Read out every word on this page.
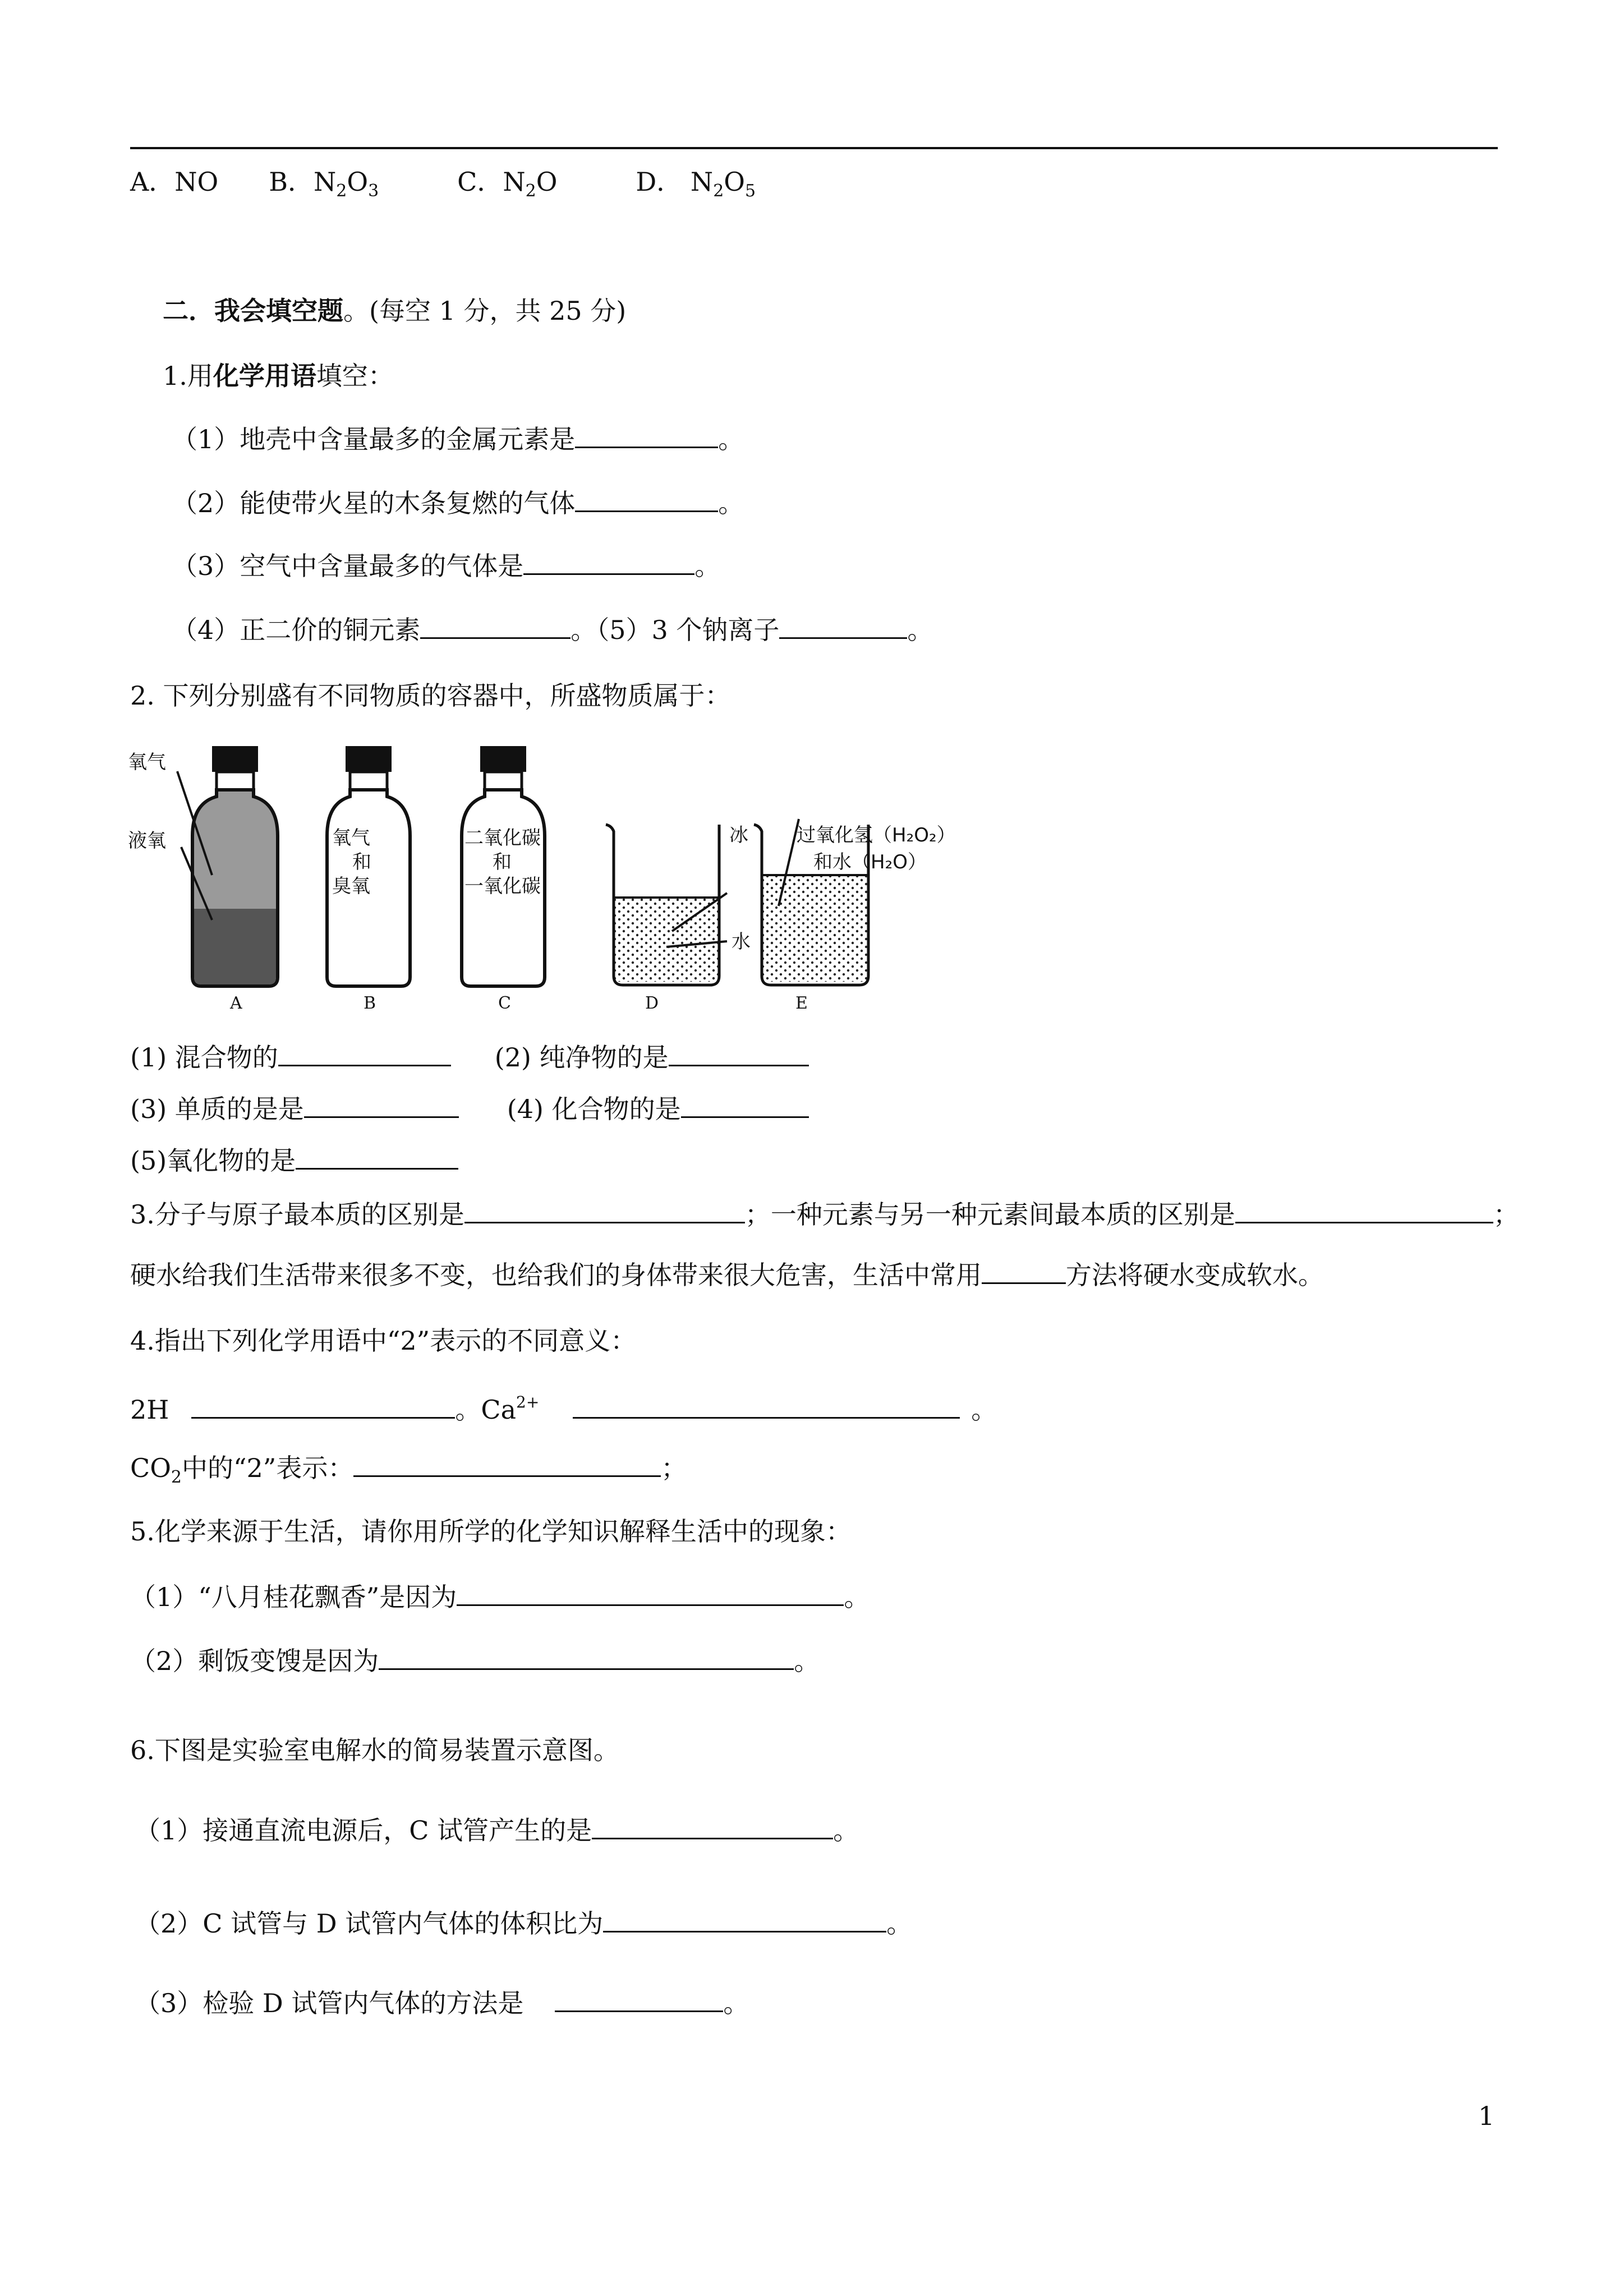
A．NO B．$N_2O_3$	C．$N_2O$	D． $N_2O_5$
二．我会填空题。(每空 1 分，共 25 分)
1.用化学用语填空：
（1）地壳中含量最多的金属元素是	。
（2）能使带火星的木条复燃的气体	。
（3）空气中含量最多的气体是	。
（4）正二价的铜元素	。（5）3 个钠离子	。
2. 下列分别盛有不同物质的容器中，所盛物质属于：
氧气
液氧	氧气
和
臭氧
二氧化碳
和
一氧化碳
冰
水
过氧化氢（H₂O₂）
和水（H₂O）
A	B	C	D	E
(1) 混合物的	(2) 纯净物的是
(3) 单质的是是	(4) 化合物的是
(5)氧化物的是
3.分子与原子最本质的区别是	；一种元素与另一种元素间最本质的区别是	；
硬水给我们生活带来很多不变，也给我们的身体带来很大危害，生活中常用	方法将硬水变成软水。
4.指出下列化学用语中“2”表示的不同意义：
2H	。$Ca^{2+}$	。
$CO_2$中的“2”表示：	；
5.化学来源于生活，请你用所学的化学知识解释生活中的现象：
（1）“八月桂花飘香”是因为	。
（2）剩饭变馊是因为	。
6.下图是实验室电解水的简易装置示意图。
（1）接通直流电源后，C 试管产生的是	。
（2）C 试管与 D 试管内气体的体积比为	。
（3）检验 D 试管内气体的方法是	。
1
